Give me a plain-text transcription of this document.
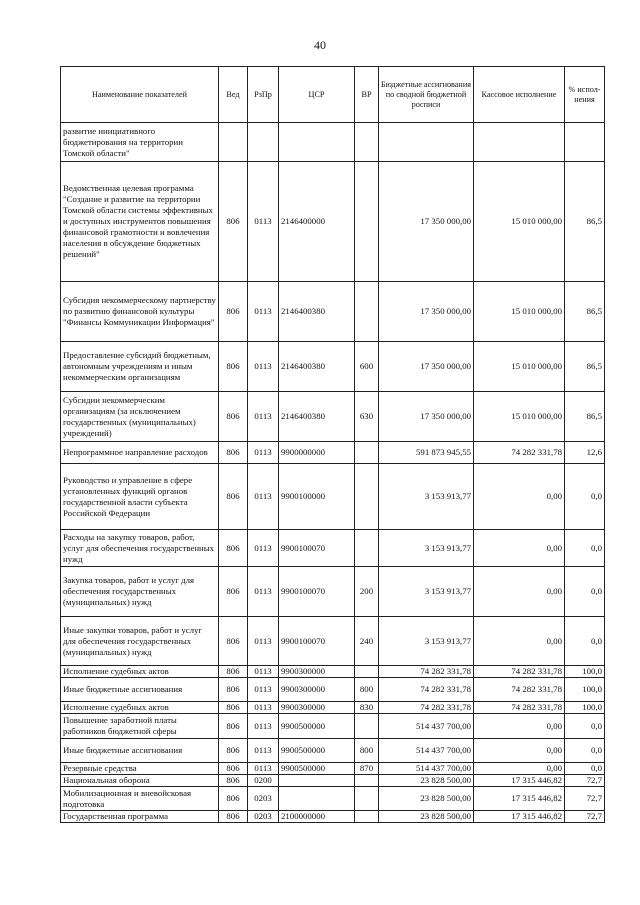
40
Наименование показателей	Вед	РзПр	ЦСР	ВР	Бюджетные ассигнования по сводной бюджетной росписи	Кассовое исполнение	% испол-нения
развитие инициативного бюджетирования на территории Томской области"							
Ведомственная целевая программа "Создание и развитие на территории Томской области системы эффективных и доступных инструментов повышения финансовой грамотности и вовлечения населения в обсуждение бюджетных решений"	806	0113	2146400000		17 350 000,00	15 010 000,00	86,5
Субсидия некоммерческому партнерству по развитию финансовой культуры "Финансы Коммуникации Информация"	806	0113	2146400380		17 350 000,00	15 010 000,00	86,5
Предоставление субсидий бюджетным, автономным учреждениям и иным некоммерческим организациям	806	0113	2146400380	600	17 350 000,00	15 010 000,00	86,5
Субсидии некоммерческим организациям (за исключением государственных (муниципальных) учреждений)	806	0113	2146400380	630	17 350 000,00	15 010 000,00	86,5
Непрограммное направление расходов	806	0113	9900000000		591 873 945,55	74 282 331,78	12,6
Руководство и управление в сфере установленных функций органов государственной власти субъекта Российской Федерации	806	0113	9900100000		3 153 913,77	0,00	0,0
Расходы на закупку товаров, работ, услуг для обеспечения государственных нужд	806	0113	9900100070		3 153 913,77	0,00	0,0
Закупка товаров, работ и услуг для обеспечения государственных (муниципальных) нужд	806	0113	9900100070	200	3 153 913,77	0,00	0,0
Иные закупки товаров, работ и услуг для обеспечения государственных (муниципальных) нужд	806	0113	9900100070	240	3 153 913,77	0,00	0,0
Исполнение судебных актов	806	0113	9900300000		74 282 331,78	74 282 331,78	100,0
Иные бюджетные ассигнования	806	0113	9900300000	800	74 282 331,78	74 282 331,78	100,0
Исполнение судебных актов	806	0113	9900300000	830	74 282 331,78	74 282 331,78	100,0
Повышение заработной платы работников бюджетной сферы	806	0113	9900500000		514 437 700,00	0,00	0,0
Иные бюджетные ассигнования	806	0113	9900500000	800	514 437 700,00	0,00	0,0
Резервные средства	806	0113	9900500000	870	514 437 700,00	0,00	0,0
Национальная оборона	806	0200			23 828 500,00	17 315 446,82	72,7
Мобилизационная и вневойсковая подготовка	806	0203			23 828 500,00	17 315 446,82	72,7
Государственная программа	806	0203	2100000000		23 828 500,00	17 315 446,82	72,7
